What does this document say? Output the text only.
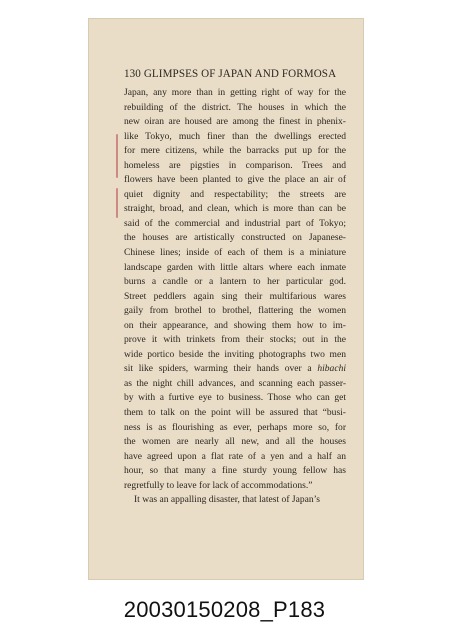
130 GLIMPSES OF JAPAN AND FORMOSA
Japan, any more than in getting right of way for the
rebuilding of the district. The houses in which the
new oiran are housed are among the finest in phenix-
like Tokyo, much finer than the dwellings erected
for mere citizens, while the barracks put up for the
homeless are pigsties in comparison. Trees and
flowers have been planted to give the place an air of
quiet dignity and respectability; the streets are
straight, broad, and clean, which is more than can be
said of the commercial and industrial part of Tokyo;
the houses are artistically constructed on Japanese-
Chinese lines; inside of each of them is a miniature
landscape garden with little altars where each inmate
burns a candle or a lantern to her particular god.
Street peddlers again sing their multifarious wares
gaily from brothel to brothel, flattering the women
on their appearance, and showing them how to im-
prove it with trinkets from their stocks; out in the
wide portico beside the inviting photographs two men
sit like spiders, warming their hands over a hibachi
as the night chill advances, and scanning each passer-
by with a furtive eye to business. Those who can get
them to talk on the point will be assured that “busi-
ness is as flourishing as ever, perhaps more so, for
the women are nearly all new, and all the houses
have agreed upon a flat rate of a yen and a half an
hour, so that many a fine sturdy young fellow has
regretfully to leave for lack of accommodations.”
It was an appalling disaster, that latest of Japan’s
20030150208_P183
